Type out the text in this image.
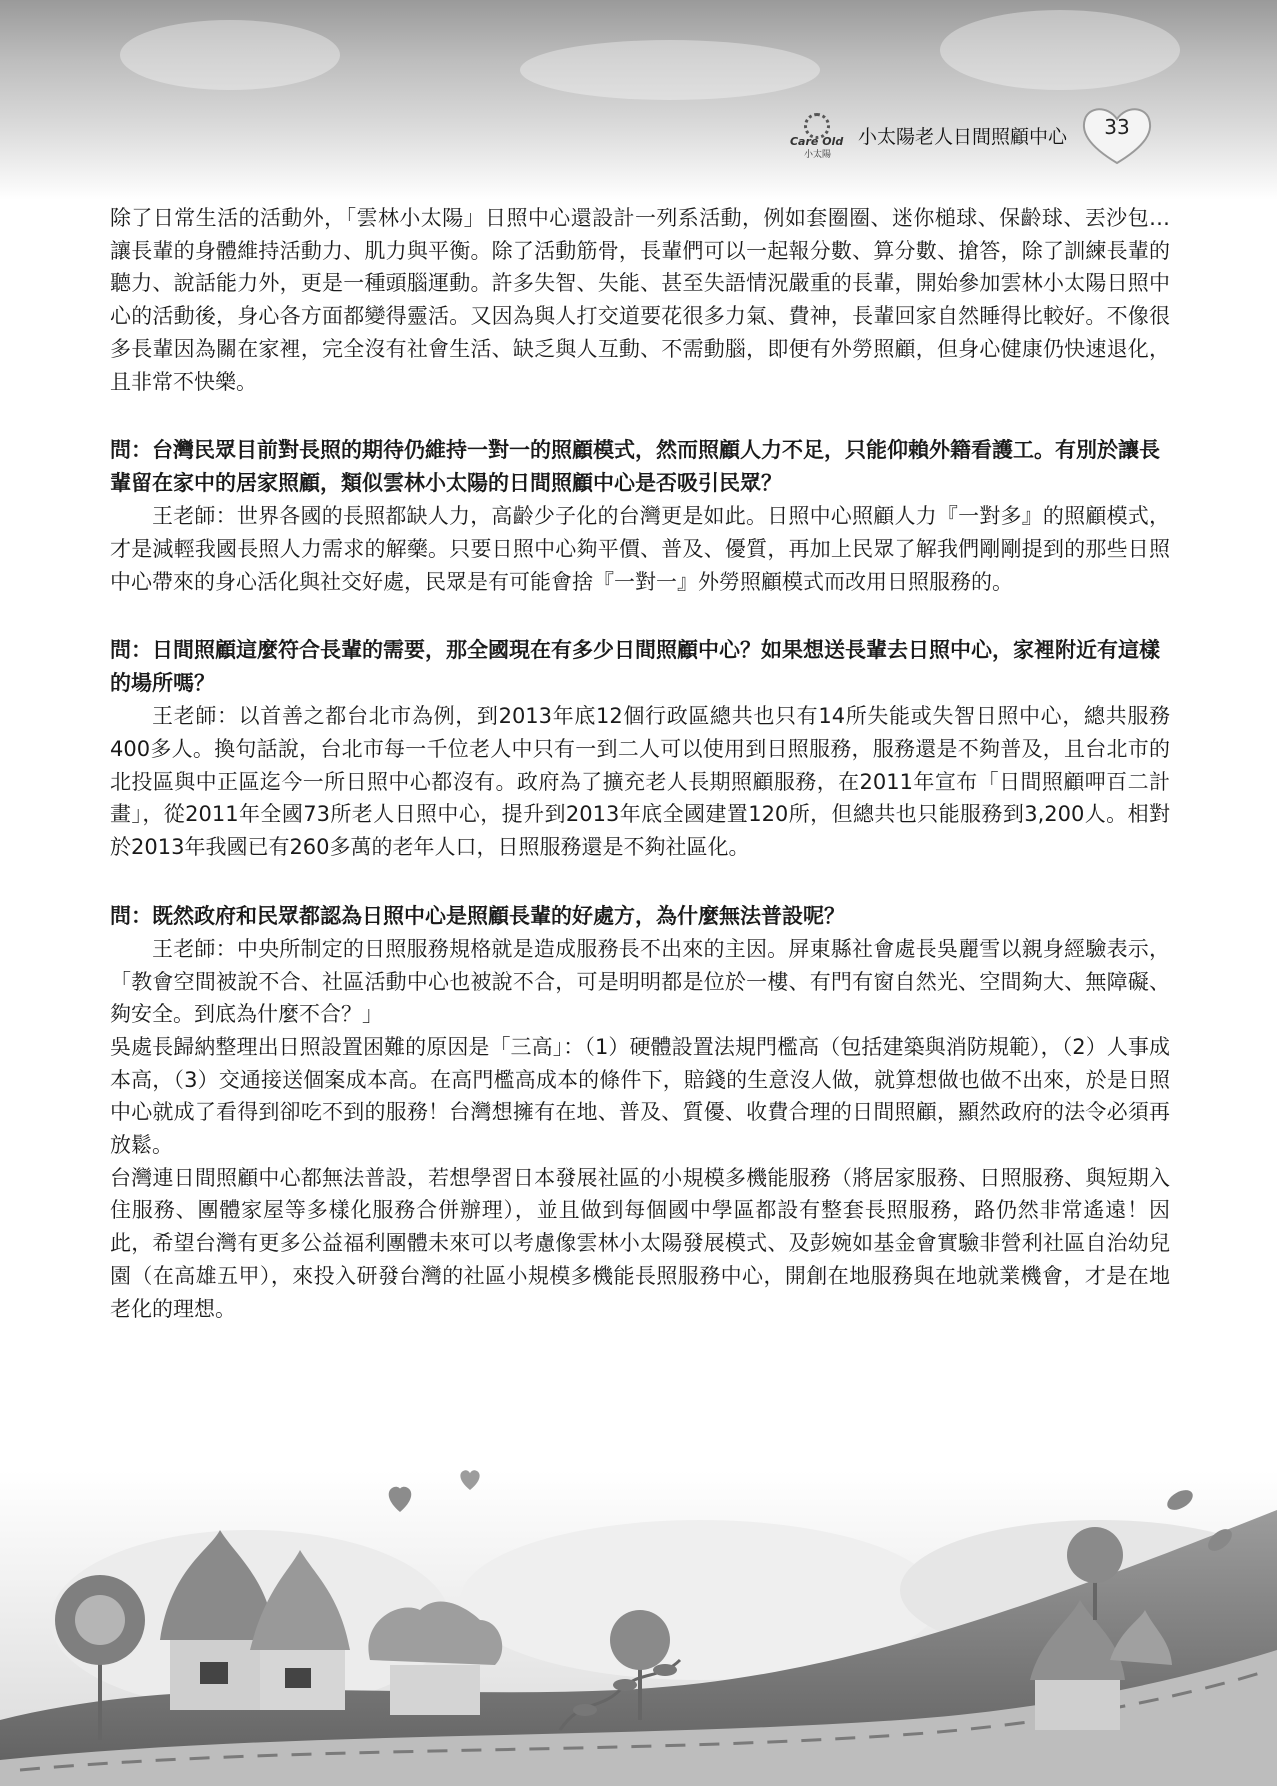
Care Old
小太陽
小太陽老人日間照顧中心	33

除了日常生活的活動外，「雲林小太陽」日照中心還設計一列系活動，例如套圈圈、迷你槌球、保齡球、丟沙包…讓長輩的身體維持活動力、肌力與平衡。除了活動筋骨，長輩們可以一起報分數、算分數、搶答，除了訓練長輩的聽力、說話能力外，更是一種頭腦運動。許多失智、失能、甚至失語情況嚴重的長輩，開始參加雲林小太陽日照中心的活動後，身心各方面都變得靈活。又因為與人打交道要花很多力氣、費神，長輩回家自然睡得比較好。不像很多長輩因為關在家裡，完全沒有社會生活、缺乏與人互動、不需動腦，即便有外勞照顧，但身心健康仍快速退化，且非常不快樂。

問：台灣民眾目前對長照的期待仍維持一對一的照顧模式，然而照顧人力不足，只能仰賴外籍看護工。有別於讓長輩留在家中的居家照顧，類似雲林小太陽的日間照顧中心是否吸引民眾？

王老師：世界各國的長照都缺人力，高齡少子化的台灣更是如此。日照中心照顧人力『一對多』的照顧模式，才是減輕我國長照人力需求的解藥。只要日照中心夠平價、普及、優質，再加上民眾了解我們剛剛提到的那些日照中心帶來的身心活化與社交好處，民眾是有可能會捨『一對一』外勞照顧模式而改用日照服務的。

問：日間照顧這麼符合長輩的需要，那全國現在有多少日間照顧中心？如果想送長輩去日照中心，家裡附近有這樣的場所嗎？

王老師：以首善之都台北市為例，到2013年底12個行政區總共也只有14所失能或失智日照中心，總共服務400多人。換句話說，台北市每一千位老人中只有一到二人可以使用到日照服務，服務還是不夠普及，且台北市的北投區與中正區迄今一所日照中心都沒有。政府為了擴充老人長期照顧服務，在2011年宣布「日間照顧呷百二計畫」，從2011年全國73所老人日照中心，提升到2013年底全國建置120所，但總共也只能服務到3,200人。相對於2013年我國已有260多萬的老年人口，日照服務還是不夠社區化。

問：既然政府和民眾都認為日照中心是照顧長輩的好處方，為什麼無法普設呢？

王老師：中央所制定的日照服務規格就是造成服務長不出來的主因。屏東縣社會處長吳麗雪以親身經驗表示，「教會空間被說不合、社區活動中心也被說不合，可是明明都是位於一樓、有門有窗自然光、空間夠大、無障礙、夠安全。到底為什麼不合？」

吳處長歸納整理出日照設置困難的原因是「三高」：（1）硬體設置法規門檻高（包括建築與消防規範），（2）人事成本高，（3）交通接送個案成本高。在高門檻高成本的條件下，賠錢的生意沒人做，就算想做也做不出來，於是日照中心就成了看得到卻吃不到的服務！台灣想擁有在地、普及、質優、收費合理的日間照顧，顯然政府的法令必須再放鬆。

台灣連日間照顧中心都無法普設，若想學習日本發展社區的小規模多機能服務（將居家服務、日照服務、與短期入住服務、團體家屋等多樣化服務合併辦理），並且做到每個國中學區都設有整套長照服務，路仍然非常遙遠！因此，希望台灣有更多公益福利團體未來可以考慮像雲林小太陽發展模式、及彭婉如基金會實驗非營利社區自治幼兒園（在高雄五甲），來投入研發台灣的社區小規模多機能長照服務中心，開創在地服務與在地就業機會，才是在地老化的理想。
